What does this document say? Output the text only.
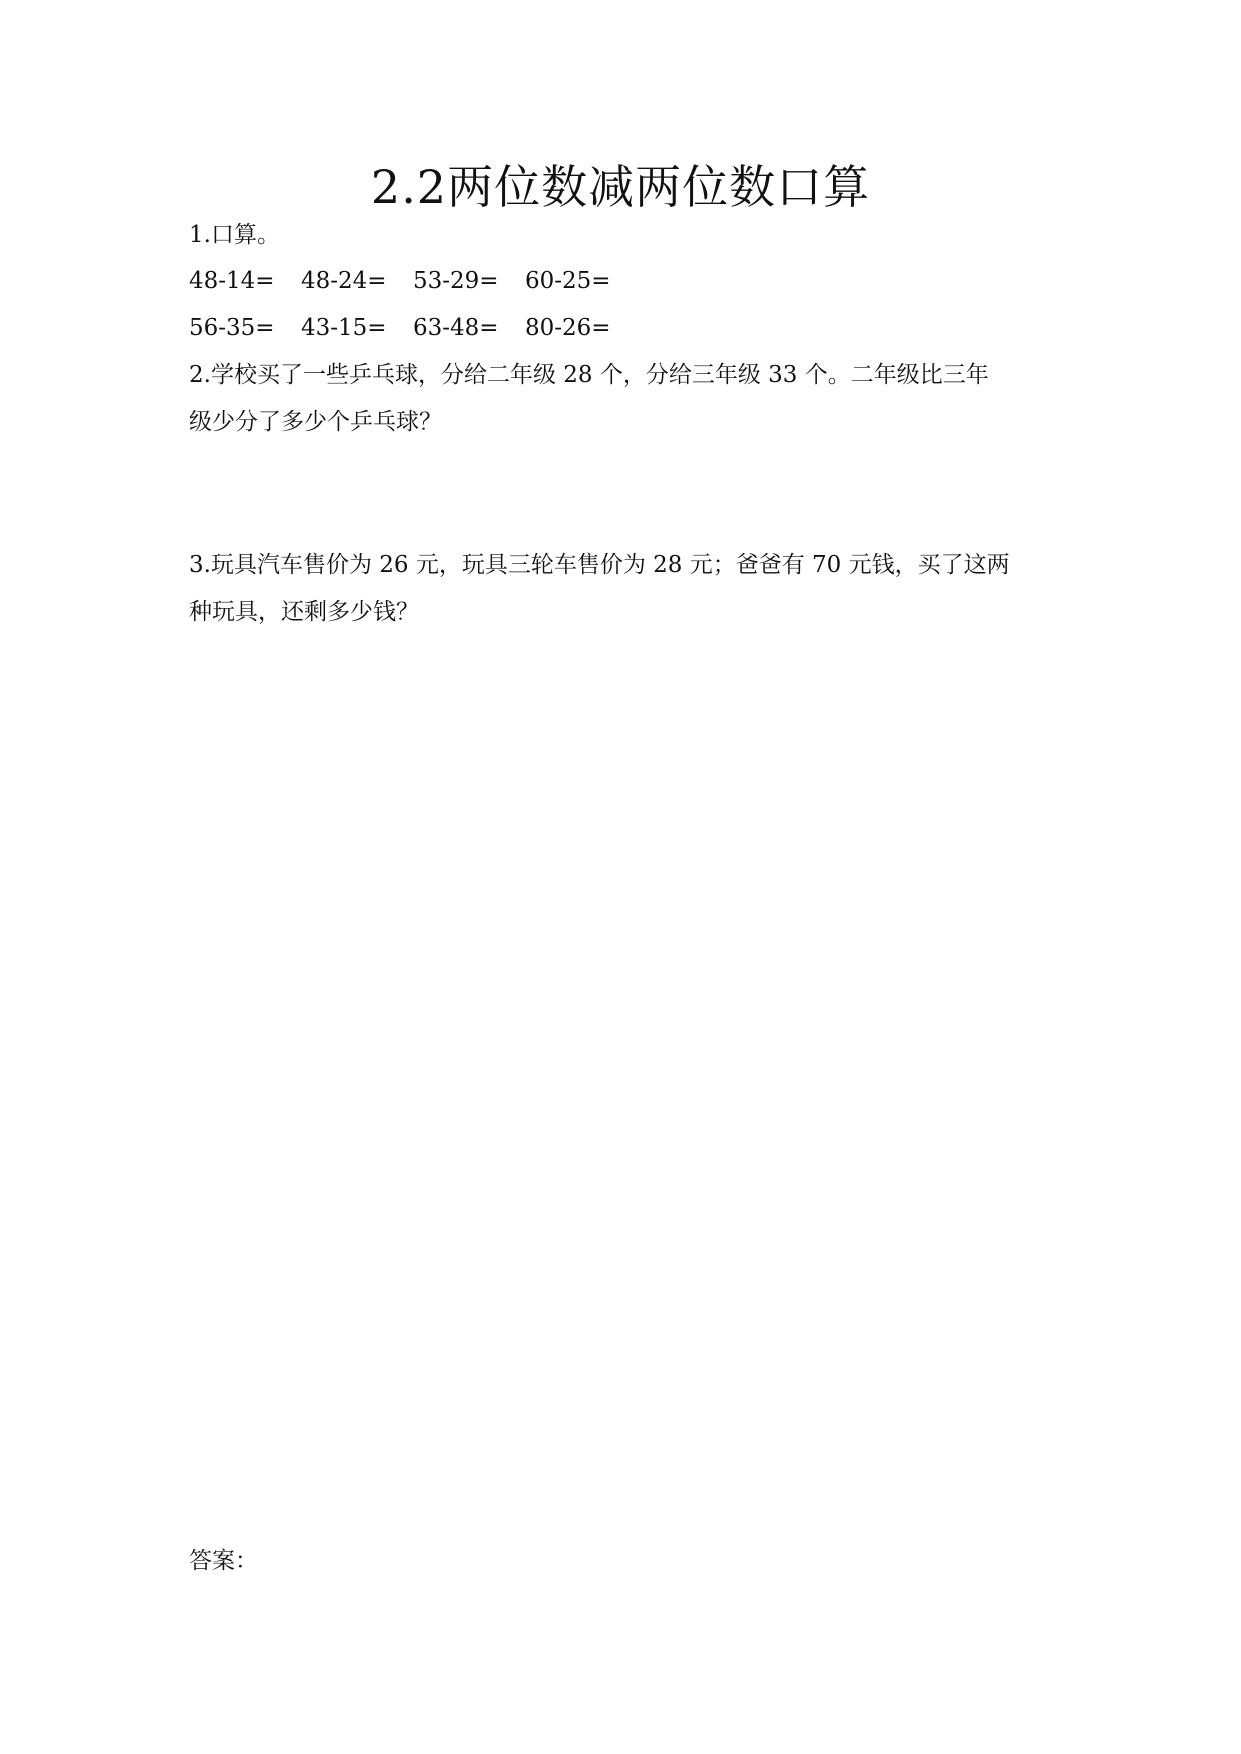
2.2两位数减两位数口算

1.口算。

48-14=	48-24=	53-29=	60-25=
56-35=	43-15=	63-48=	80-26=

2.学校买了一些乒乓球，分给二年级 28 个，分给三年级 33 个。二年级比三年

级少分了多少个乒乓球？

3.玩具汽车售价为 26 元，玩具三轮车售价为 28 元；爸爸有 70 元钱，买了这两

种玩具，还剩多少钱？

答案：
